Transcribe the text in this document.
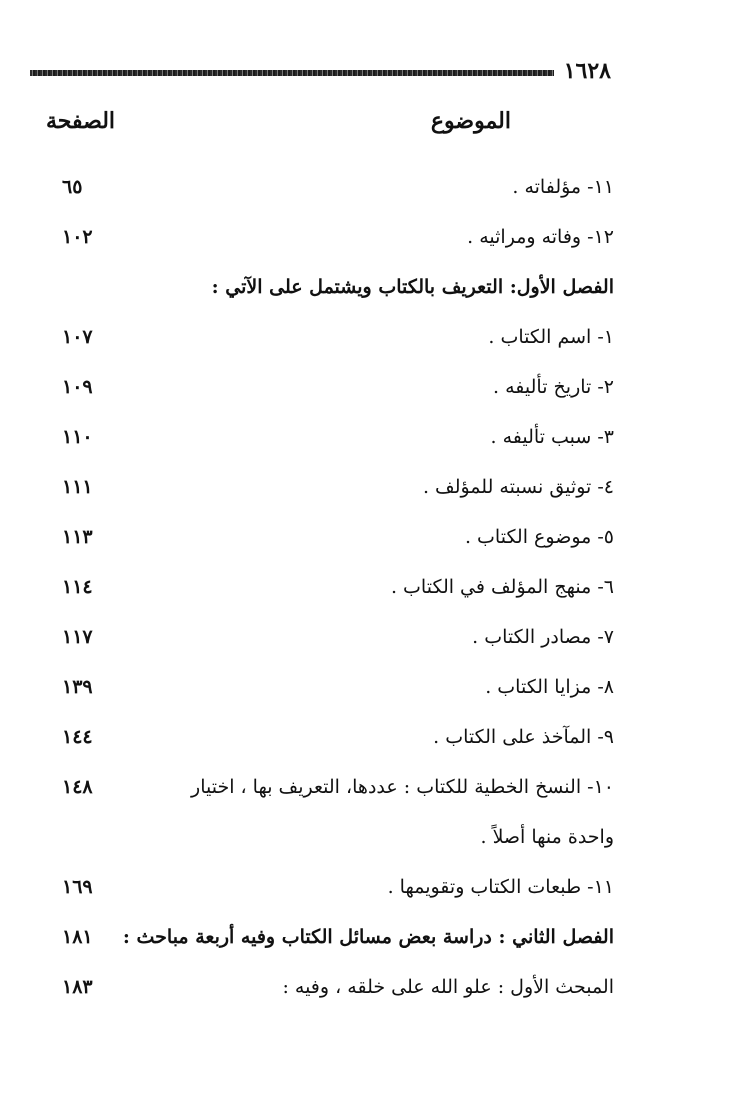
١٦٢٨
الموضوع
الصفحة
١١- مؤلفاته .
٦٥
١٢- وفاته ومراثيه .
١٠٢
الفصل الأول: التعريف بالكتاب ويشتمل على الآتي :
١- اسم الكتاب .
١٠٧
٢- تاريخ تأليفه .
١٠٩
٣- سبب تأليفه .
١١٠
٤- توثيق نسبته للمؤلف .
١١١
٥- موضوع الكتاب .
١١٣
٦- منهج المؤلف في الكتاب .
١١٤
٧- مصادر الكتاب .
١١٧
٨- مزايا الكتاب .
١٣٩
٩- المآخذ على الكتاب .
١٤٤
١٠- النسخ الخطية للكتاب : عددها، التعريف بها ، اختيار
١٤٨
واحدة منها أصلاً .
١١- طبعات الكتاب وتقويمها .
١٦٩
الفصل الثاني : دراسة بعض مسائل الكتاب وفيه أربعة مباحث :
١٨١
المبحث الأول : علو الله على خلقه ، وفيه :
١٨٣
